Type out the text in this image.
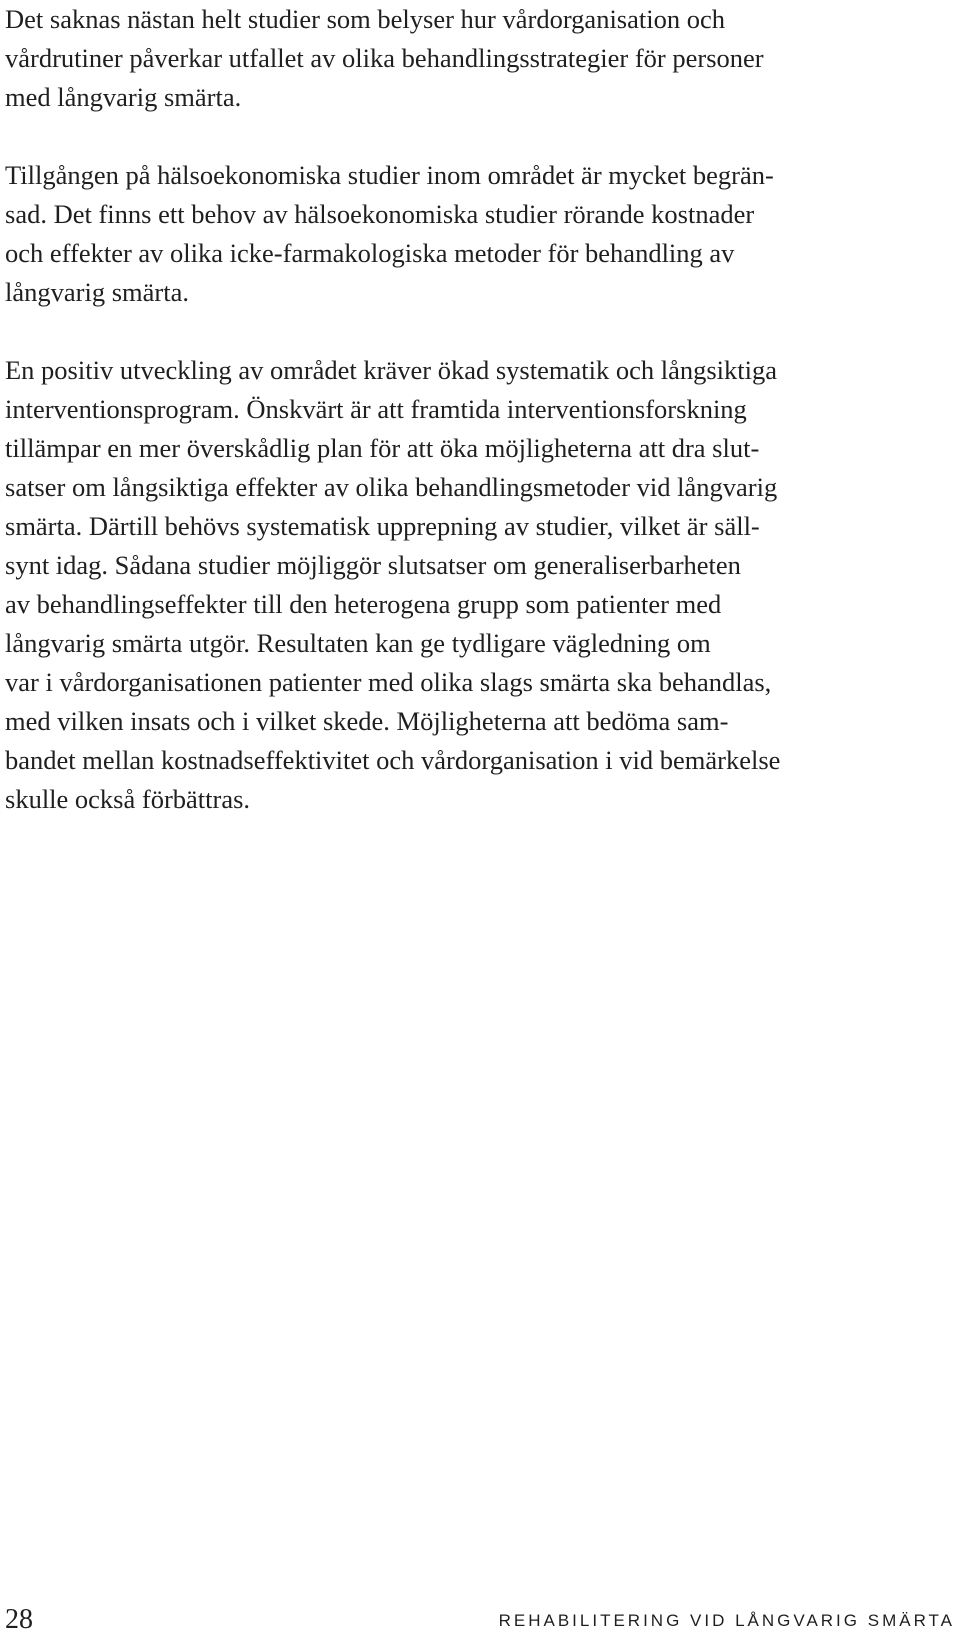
Det saknas nästan helt studier som belyser hur vårdorganisation och
vårdrutiner påverkar utfallet av olika behandlingsstrategier för personer
med långvarig smärta.
Tillgången på hälsoekonomiska studier inom området är mycket begrän-
sad. Det finns ett behov av hälsoekonomiska studier rörande kostnader
och effekter av olika icke-farmakologiska metoder för behandling av
långvarig smärta.
En positiv utveckling av området kräver ökad systematik och långsiktiga
interventionsprogram. Önskvärt är att framtida interventionsforskning
tillämpar en mer överskådlig plan för att öka möjligheterna att dra slut-
satser om långsiktiga effekter av olika behandlingsmetoder vid långvarig
smärta. Därtill behövs systematisk upprepning av studier, vilket är säll-
synt idag. Sådana studier möjliggör slutsatser om generaliserbarheten
av behandlingseffekter till den heterogena grupp som patienter med
långvarig smärta utgör. Resultaten kan ge tydligare vägledning om
var i vårdorganisationen patienter med olika slags smärta ska behandlas,
med vilken insats och i vilket skede. Möjligheterna att bedöma sam-
bandet mellan kostnadseffektivitet och vårdorganisation i vid bemärkelse
skulle också förbättras.
28	REHABILITERING VID LÅNGVARIG SMÄRTA
